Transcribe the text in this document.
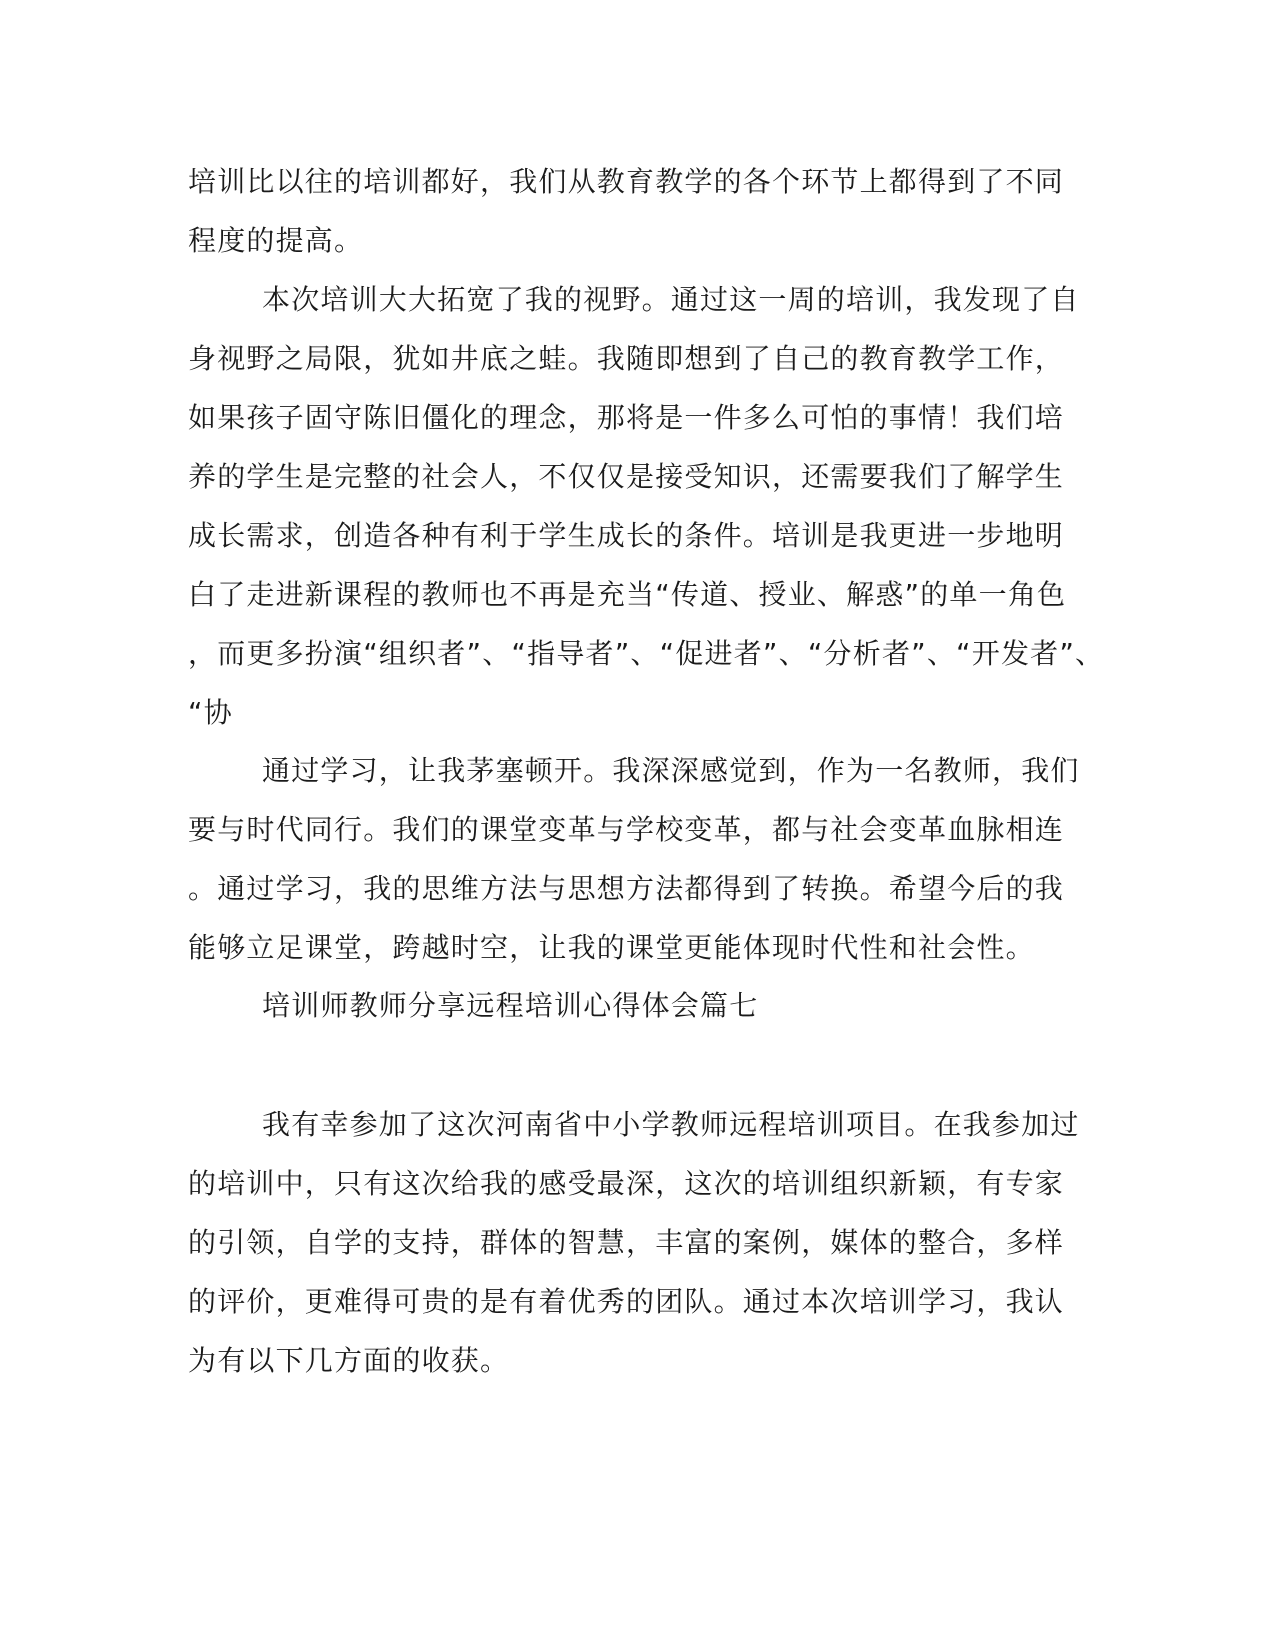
培训比以往的培训都好，我们从教育教学的各个环节上都得到了不同
程度的提高。
本次培训大大拓宽了我的视野。通过这一周的培训，我发现了自
身视野之局限，犹如井底之蛙。我随即想到了自己的教育教学工作，
如果孩子固守陈旧僵化的理念，那将是一件多么可怕的事情！我们培
养的学生是完整的社会人，不仅仅是接受知识，还需要我们了解学生
成长需求，创造各种有利于学生成长的条件。培训是我更进一步地明
白了走进新课程的教师也不再是充当“传道、授业、解惑”的单一角色
，而更多扮演“组织者”、“指导者”、“促进者”、“分析者”、“开发者”、
“协
通过学习，让我茅塞顿开。我深深感觉到，作为一名教师，我们
要与时代同行。我们的课堂变革与学校变革，都与社会变革血脉相连
。通过学习，我的思维方法与思想方法都得到了转换。希望今后的我
能够立足课堂，跨越时空，让我的课堂更能体现时代性和社会性。
培训师教师分享远程培训心得体会篇七
我有幸参加了这次河南省中小学教师远程培训项目。在我参加过
的培训中，只有这次给我的感受最深，这次的培训组织新颖，有专家
的引领，自学的支持，群体的智慧，丰富的案例，媒体的整合，多样
的评价，更难得可贵的是有着优秀的团队。通过本次培训学习，我认
为有以下几方面的收获。
